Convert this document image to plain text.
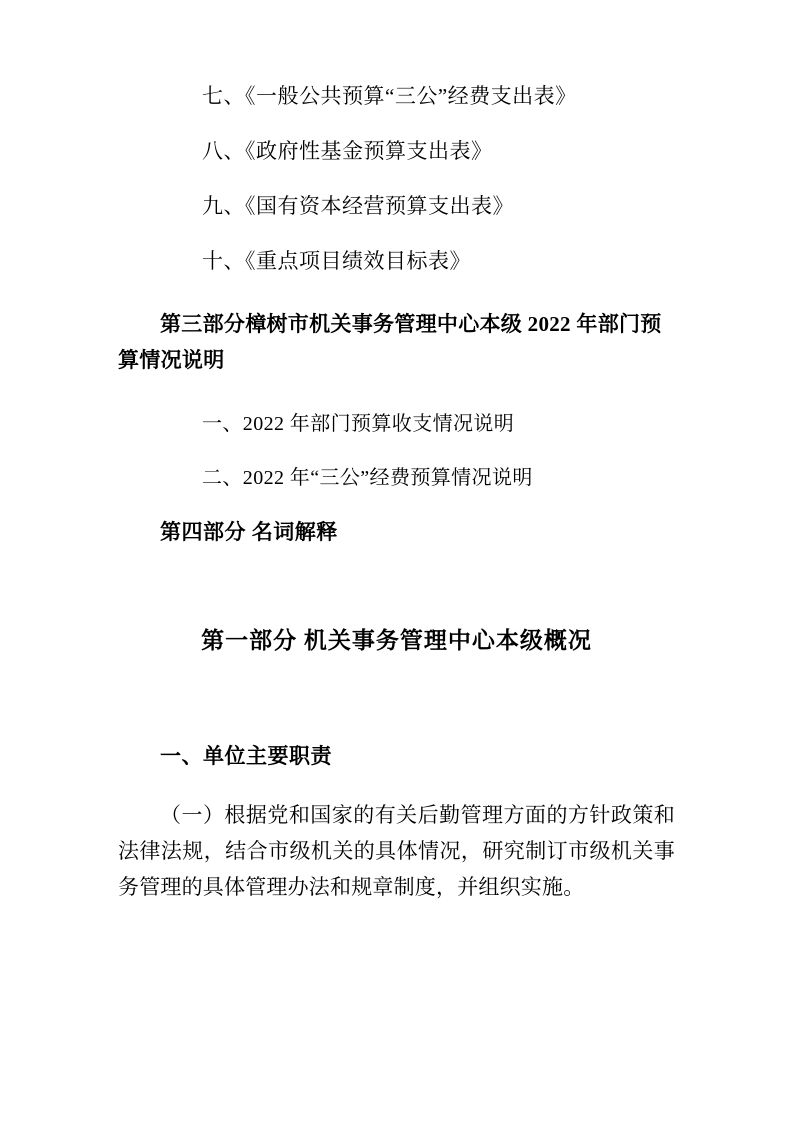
七、《一般公共预算“三公”经费支出表》

八、《政府性基金预算支出表》

九、《国有资本经营预算支出表》

十、《重点项目绩效目标表》

第三部分樟树市机关事务管理中心本级 2022 年部门预算情况说明

一、2022 年部门预算收支情况说明

二、2022 年“三公”经费预算情况说明

第四部分 名词解释

第一部分 机关事务管理中心本级概况

一、单位主要职责

（一）根据党和国家的有关后勤管理方面的方针政策和法律法规，结合市级机关的具体情况，研究制订市级机关事务管理的具体管理办法和规章制度，并组织实施。
